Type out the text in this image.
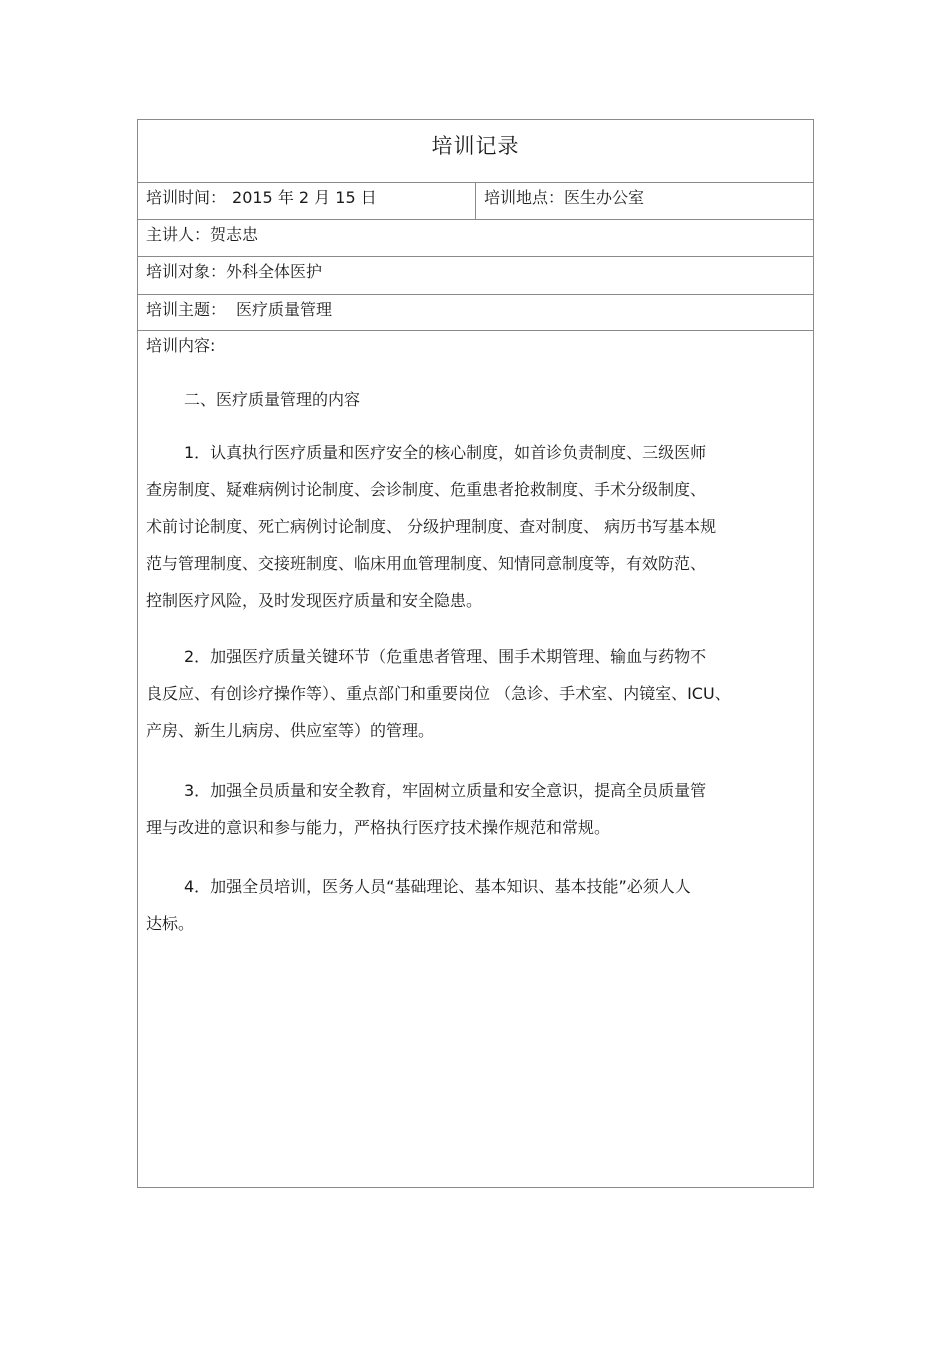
培训记录
培训时间： 2015 年 2 月 15 日	培训地点：医生办公室
主讲人：贺志忠
培训对象：外科全体医护
培训主题： 医疗质量管理
培训内容:
二、医疗质量管理的内容
1．认真执行医疗质量和医疗安全的核心制度，如首诊负责制度、三级医师
查房制度、疑难病例讨论制度、会诊制度、危重患者抢救制度、手术分级制度、
术前讨论制度、死亡病例讨论制度、 分级护理制度、查对制度、 病历书写基本规
范与管理制度、交接班制度、临床用血管理制度、知情同意制度等，有效防范、
控制医疗风险，及时发现医疗质量和安全隐患。
2．加强医疗质量关键环节（危重患者管理、围手术期管理、输血与药物不
良反应、有创诊疗操作等）、重点部门和重要岗位 （急诊、手术室、内镜室、ICU、
产房、新生儿病房、供应室等）的管理。
3．加强全员质量和安全教育，牢固树立质量和安全意识，提高全员质量管
理与改进的意识和参与能力，严格执行医疗技术操作规范和常规。
4．加强全员培训，医务人员“基础理论、基本知识、基本技能”必须人人
达标。
